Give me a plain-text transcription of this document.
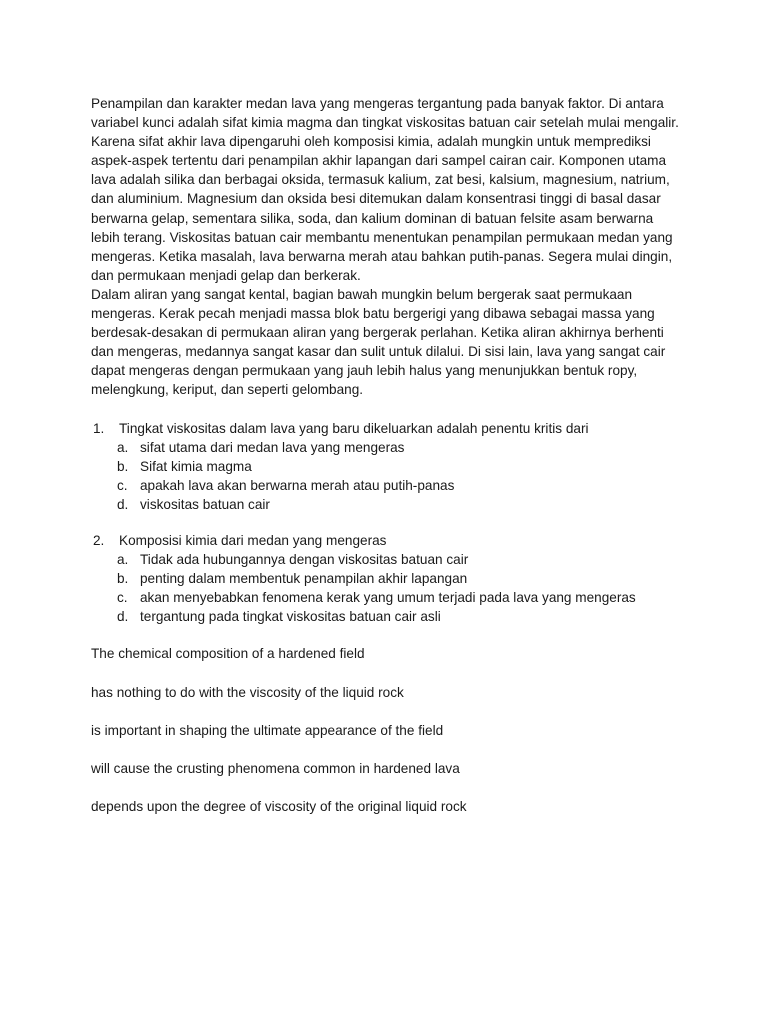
Penampilan dan karakter medan lava yang mengeras tergantung pada banyak faktor. Di antara variabel kunci adalah sifat kimia magma dan tingkat viskositas batuan cair setelah mulai mengalir. Karena sifat akhir lava dipengaruhi oleh komposisi kimia, adalah mungkin untuk memprediksi aspek-aspek tertentu dari penampilan akhir lapangan dari sampel cairan cair. Komponen utama lava adalah silika dan berbagai oksida, termasuk kalium, zat besi, kalsium, magnesium, natrium, dan aluminium. Magnesium dan oksida besi ditemukan dalam konsentrasi tinggi di basal dasar berwarna gelap, sementara silika, soda, dan kalium dominan di batuan felsite asam berwarna lebih terang. Viskositas batuan cair membantu menentukan penampilan permukaan medan yang mengeras. Ketika masalah, lava berwarna merah atau bahkan putih-panas. Segera mulai dingin, dan permukaan menjadi gelap dan berkerak.

Dalam aliran yang sangat kental, bagian bawah mungkin belum bergerak saat permukaan mengeras. Kerak pecah menjadi massa blok batu bergerigi yang dibawa sebagai massa yang berdesak-desakan di permukaan aliran yang bergerak perlahan. Ketika aliran akhirnya berhenti dan mengeras, medannya sangat kasar dan sulit untuk dilalui. Di sisi lain, lava yang sangat cair dapat mengeras dengan permukaan yang jauh lebih halus yang menunjukkan bentuk ropy, melengkung, keriput, dan seperti gelombang.

1.	Tingkat viskositas dalam lava yang baru dikeluarkan adalah penentu kritis dari
a. sifat utama dari medan lava yang mengeras
b. Sifat kimia magma
c. apakah lava akan berwarna merah atau putih-panas
d. viskositas batuan cair
2.	Komposisi kimia dari medan yang mengeras
a. Tidak ada hubungannya dengan viskositas batuan cair
b. penting dalam membentuk penampilan akhir lapangan
c. akan menyebabkan fenomena kerak yang umum terjadi pada lava yang mengeras
d. tergantung pada tingkat viskositas batuan cair asli

The chemical composition of a hardened field

has nothing to do with the viscosity of the liquid rock

is important in shaping the ultimate appearance of the field

will cause the crusting phenomena common in hardened lava

depends upon the degree of viscosity of the original liquid rock
